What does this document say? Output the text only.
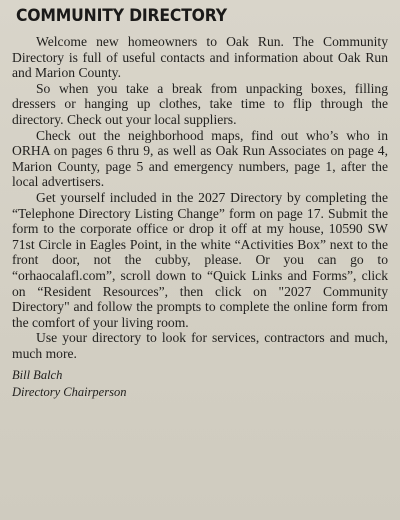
COMMUNITY DIRECTORY

Welcome new homeowners to Oak Run. The Community Directory is full of useful contacts and information about Oak Run and Marion County.

So when you take a break from unpacking boxes, filling dressers or hanging up clothes, take time to flip through the directory. Check out your local suppliers.

Check out the neighborhood maps, find out who’s who in ORHA on pages 6 thru 9, as well as Oak Run Associates on page 4, Marion County, page 5 and emergency numbers, page 1, after the local advertisers.

Get yourself included in the 2027 Directory by completing the “Telephone Directory Listing Change” form on page 17. Submit the form to the corporate office or drop it off at my house, 10590 SW 71st Circle in Eagles Point, in the white “Activities Box” next to the front door, not the cubby, please. Or you can go to “orhaocalafl.com”, scroll down to “Quick Links and Forms”, click on “Resident Resources”, then click on "2027 Community Directory" and follow the prompts to complete the online form from the comfort of your living room.

Use your directory to look for services, contractors and much, much more.

Bill Balch
Directory Chairperson
